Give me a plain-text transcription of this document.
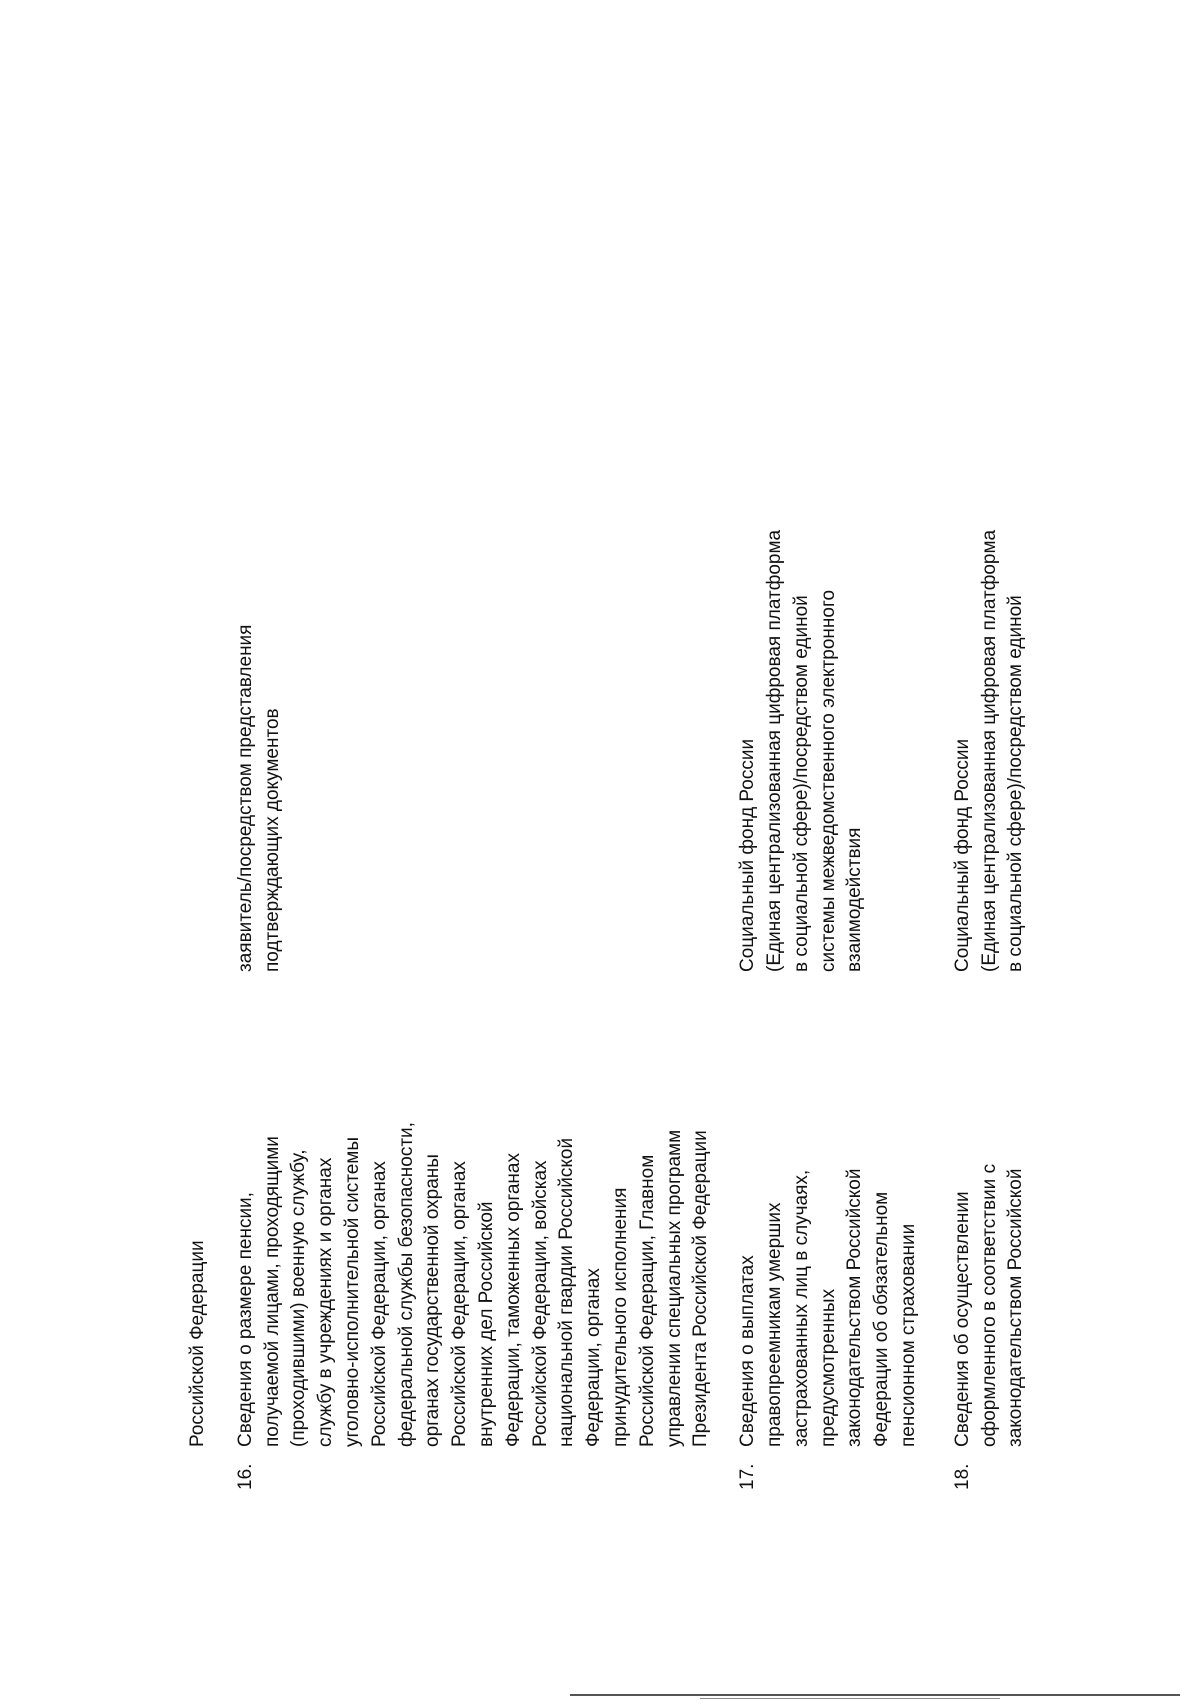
Российской Федерации
16.
Сведения о размере пенсии, получаемой лицами, проходящими (проходившими) военную службу, службу в учреждениях и органах уголовно-исполнительной системы Российской Федерации, органах федеральной службы безопасности, органах государственной охраны Российской Федерации, органах внутренних дел Российской Федерации, таможенных органах Российской Федерации, войсках национальной гвардии Российской Федерации, органах принудительного исполнения Российской Федерации, Главном управлении специальных программ Президента Российской Федерации
заявитель/посредством представления подтверждающих документов
17.
Сведения о выплатах правопреемникам умерших застрахованных лиц в случаях, предусмотренных законодательством Российской Федерации об обязательном пенсионном страховании
Социальный фонд России (Единая централизованная цифровая платформа в социальной сфере)/посредством единой системы межведомственного электронного взаимодействия
18.
Сведения об осуществлении оформленного в соответствии с законодательством Российской
Социальный фонд России (Единая централизованная цифровая платформа в социальной сфере)/посредством единой
